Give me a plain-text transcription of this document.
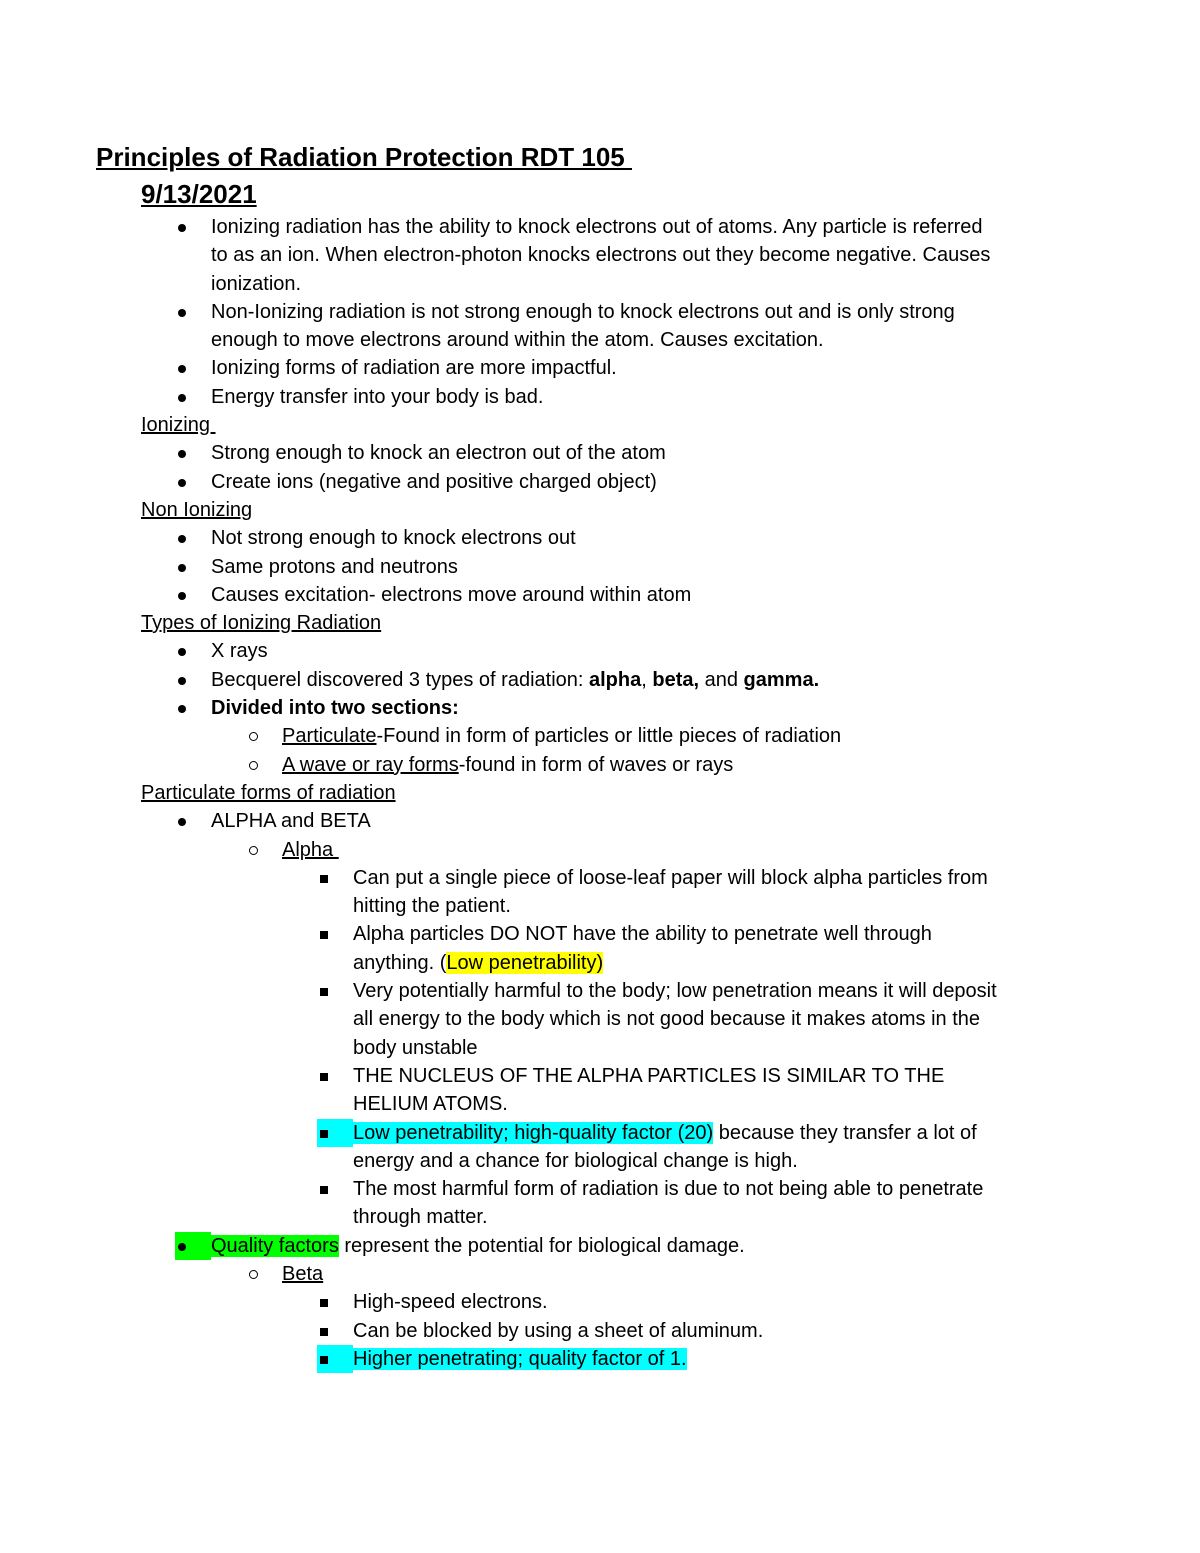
Principles of Radiation Protection RDT 105
9/13/2021
Ionizing radiation has the ability to knock electrons out of atoms. Any particle is referred
to as an ion. When electron-photon knocks electrons out they become negative. Causes
ionization.
Non-Ionizing radiation is not strong enough to knock electrons out and is only strong
enough to move electrons around within the atom. Causes excitation.
Ionizing forms of radiation are more impactful.
Energy transfer into your body is bad.
Ionizing
Strong enough to knock an electron out of the atom
Create ions (negative and positive charged object)
Non Ionizing
Not strong enough to knock electrons out
Same protons and neutrons
Causes excitation- electrons move around within atom
Types of Ionizing Radiation
X rays
Becquerel discovered 3 types of radiation: alpha, beta, and gamma.
Divided into two sections:
Particulate-Found in form of particles or little pieces of radiation
A wave or ray forms-found in form of waves or rays
Particulate forms of radiation
ALPHA and BETA
Alpha
Can put a single piece of loose-leaf paper will block alpha particles from
hitting the patient.
Alpha particles DO NOT have the ability to penetrate well through
anything. (Low penetrability)
Very potentially harmful to the body; low penetration means it will deposit
all energy to the body which is not good because it makes atoms in the
body unstable
THE NUCLEUS OF THE ALPHA PARTICLES IS SIMILAR TO THE
HELIUM ATOMS.
Low penetrability; high-quality factor (20) because they transfer a lot of
energy and a chance for biological change is high.
The most harmful form of radiation is due to not being able to penetrate
through matter.
Quality factors represent the potential for biological damage.
Beta
High-speed electrons.
Can be blocked by using a sheet of aluminum.
Higher penetrating; quality factor of 1.
